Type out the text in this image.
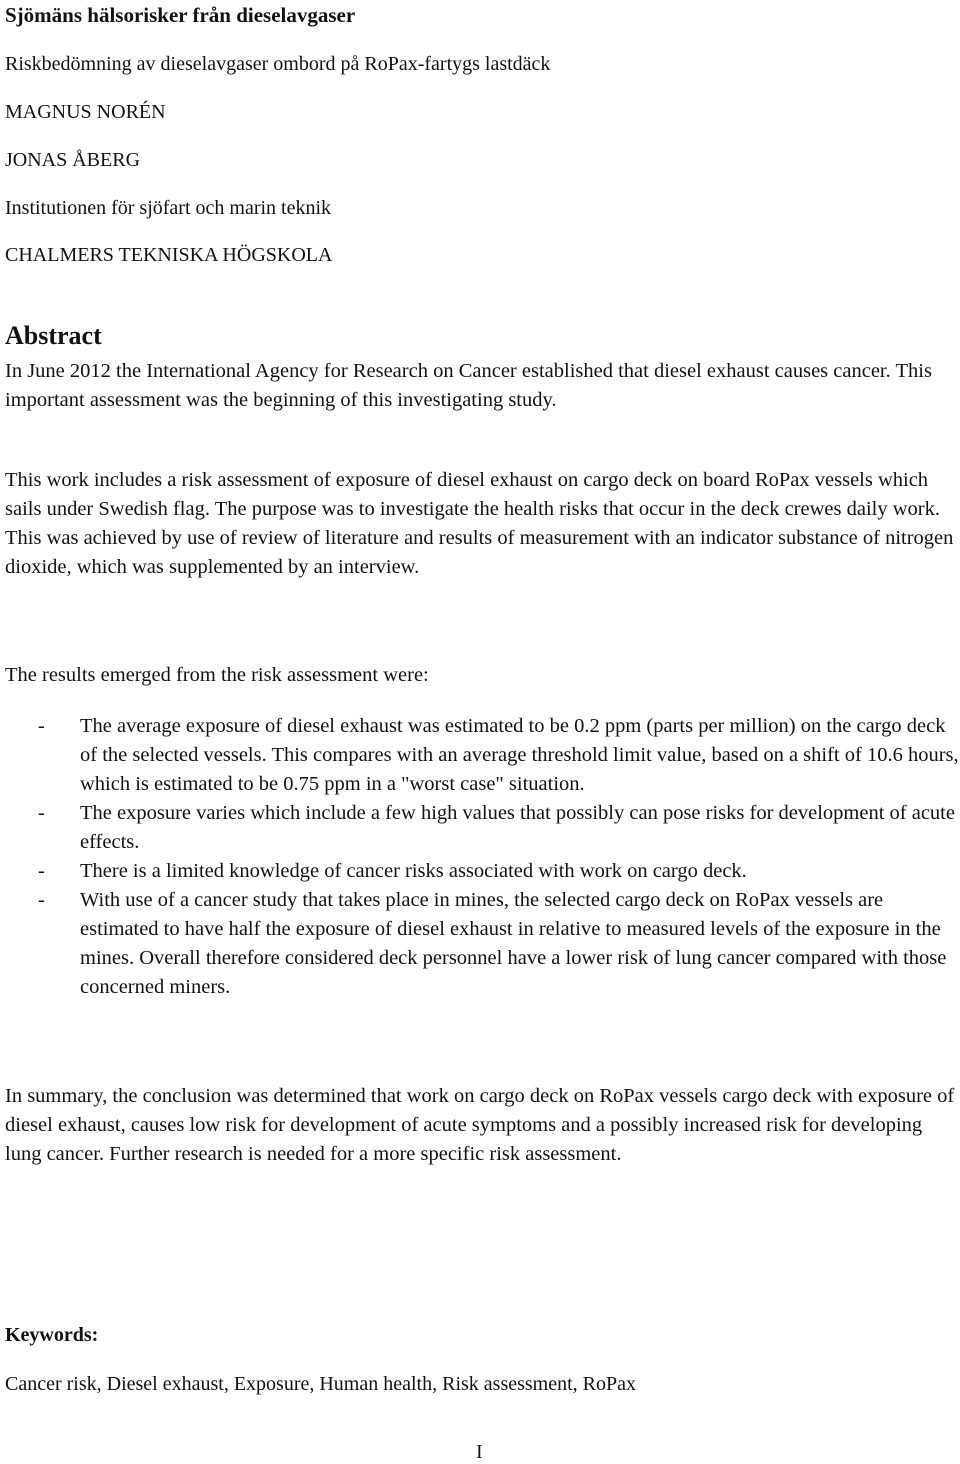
Sjömäns hälsorisker från dieselavgaser
Riskbedömning av dieselavgaser ombord på RoPax-fartygs lastdäck
MAGNUS NORÉN
JONAS ÅBERG
Institutionen för sjöfart och marin teknik
CHALMERS TEKNISKA HÖGSKOLA
Abstract

In June 2012 the International Agency for Research on Cancer established that diesel exhaust causes cancer. This important assessment was the beginning of this investigating study.

This work includes a risk assessment of exposure of diesel exhaust on cargo deck on board RoPax vessels which sails under Swedish flag. The purpose was to investigate the health risks that occur in the deck crewes daily work. This was achieved by use of review of literature and results of measurement with an indicator substance of nitrogen dioxide, which was supplemented by an interview.

The results emerged from the risk assessment were:

- The average exposure of diesel exhaust was estimated to be 0.2 ppm (parts per million) on the cargo deck of the selected vessels. This compares with an average threshold limit value, based on a shift of 10.6 hours, which is estimated to be 0.75 ppm in a "worst case" situation.
- The exposure varies which include a few high values that possibly can pose risks for development of acute effects.
- There is a limited knowledge of cancer risks associated with work on cargo deck.
- With use of a cancer study that takes place in mines, the selected cargo deck on RoPax vessels are estimated to have half the exposure of diesel exhaust in relative to measured levels of the exposure in the mines. Overall therefore considered deck personnel have a lower risk of lung cancer compared with those concerned miners.

In summary, the conclusion was determined that work on cargo deck on RoPax vessels cargo deck with exposure of diesel exhaust, causes low risk for development of acute symptoms and a possibly increased risk for developing lung cancer. Further research is needed for a more specific risk assessment.

Keywords:
Cancer risk, Diesel exhaust, Exposure, Human health, Risk assessment, RoPax
I
